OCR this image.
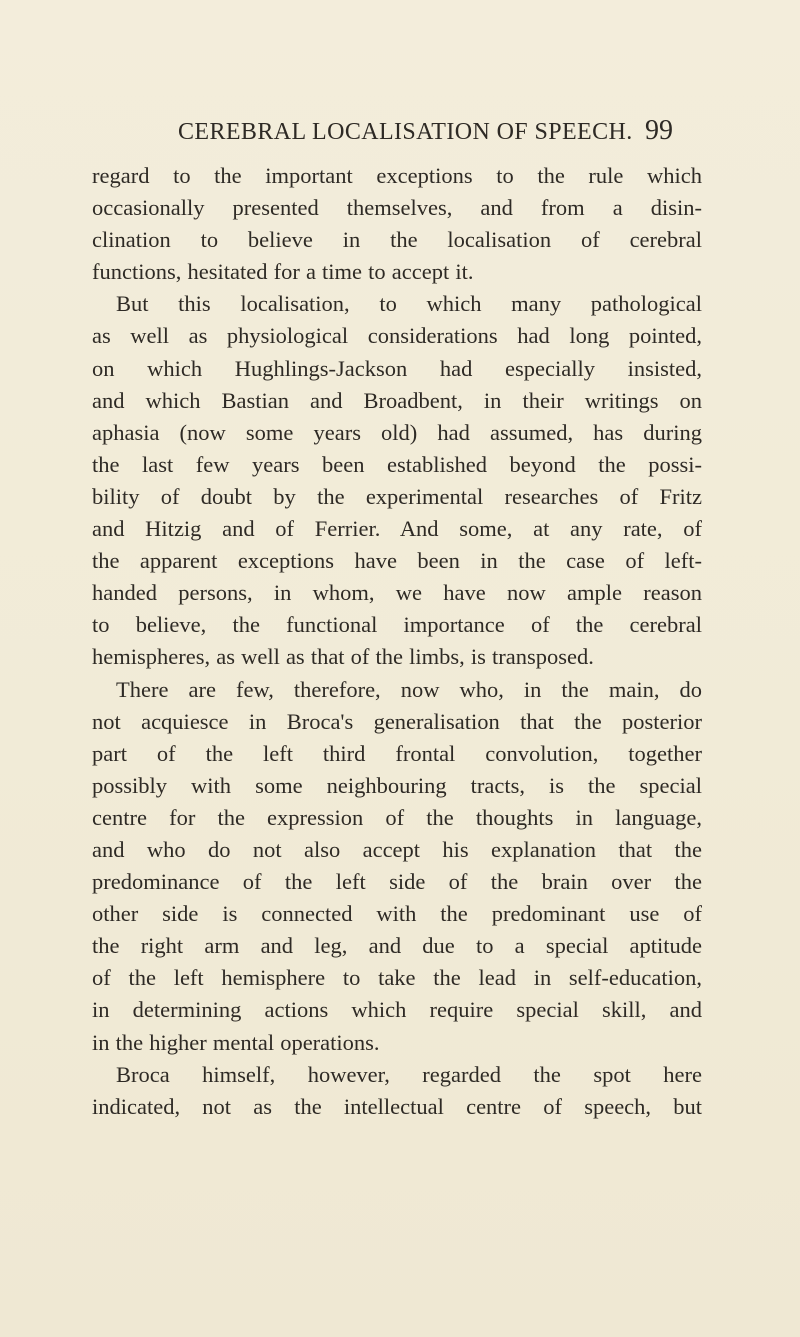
CEREBRAL LOCALISATION OF SPEECH. 99
regard to the important exceptions to the rule which
occasionally presented themselves, and from a disin-
clination to believe in the localisation of cerebral
functions, hesitated for a time to accept it.
But this localisation, to which many pathological
as well as physiological considerations had long pointed,
on which Hughlings-Jackson had especially insisted,
and which Bastian and Broadbent, in their writings on
aphasia (now some years old) had assumed, has during
the last few years been established beyond the possi-
bility of doubt by the experimental researches of Fritz
and Hitzig and of Ferrier. And some, at any rate, of
the apparent exceptions have been in the case of left-
handed persons, in whom, we have now ample reason
to believe, the functional importance of the cerebral
hemispheres, as well as that of the limbs, is transposed.
There are few, therefore, now who, in the main, do
not acquiesce in Broca's generalisation that the posterior
part of the left third frontal convolution, together
possibly with some neighbouring tracts, is the special
centre for the expression of the thoughts in language,
and who do not also accept his explanation that the
predominance of the left side of the brain over the
other side is connected with the predominant use of
the right arm and leg, and due to a special aptitude
of the left hemisphere to take the lead in self-education,
in determining actions which require special skill, and
in the higher mental operations.
Broca himself, however, regarded the spot here
indicated, not as the intellectual centre of speech, but
